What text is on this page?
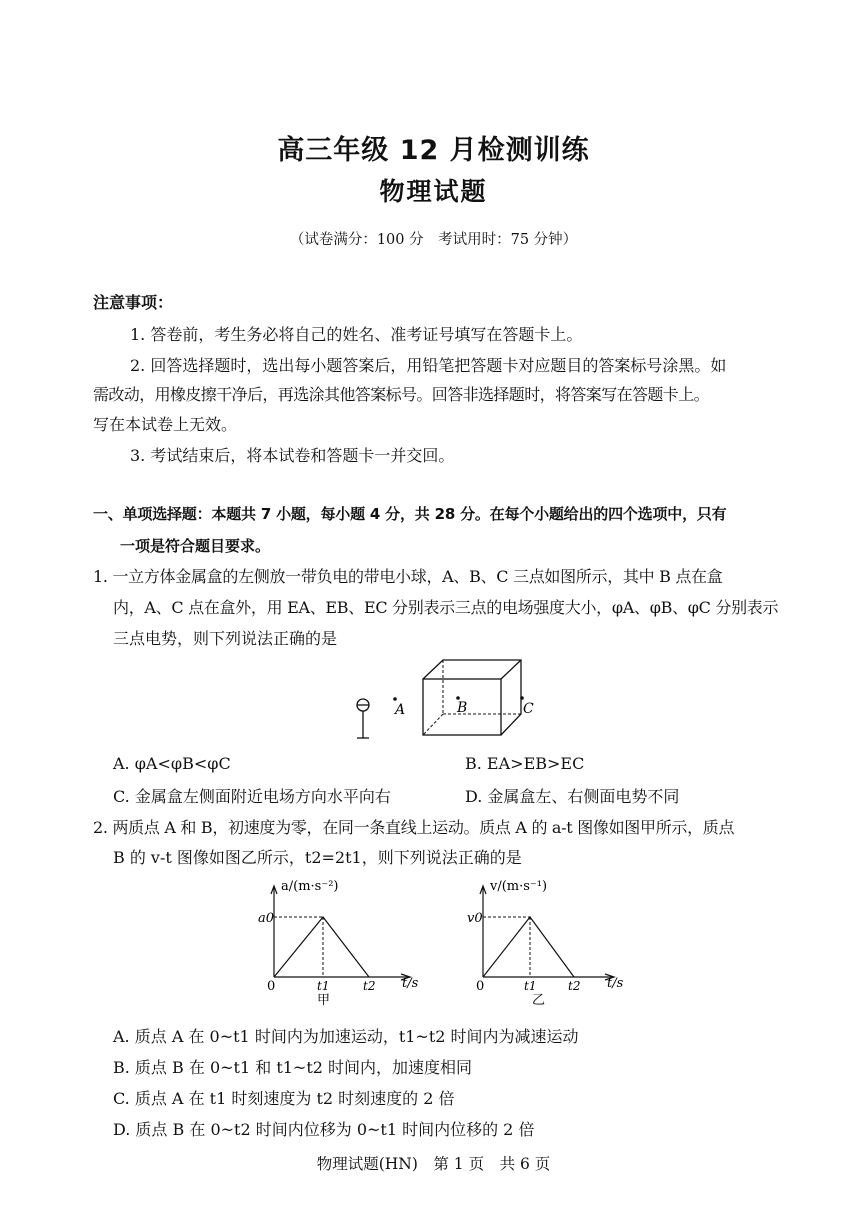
高三年级 12 月检测训练
物理试题
（试卷满分：100 分　考试用时：75 分钟）
注意事项：
1. 答卷前，考生务必将自己的姓名、准考证号填写在答题卡上。
2. 回答选择题时，选出每小题答案后，用铅笔把答题卡对应题目的答案标号涂黑。如
需改动，用橡皮擦干净后，再选涂其他答案标号。回答非选择题时，将答案写在答题卡上。
写在本试卷上无效。
3. 考试结束后，将本试卷和答题卡一并交回。
一、单项选择题：本题共 7 小题，每小题 4 分，共 28 分。在每个小题给出的四个选项中，只有
一项是符合题目要求。
1. 一立方体金属盒的左侧放一带负电的带电小球，A、B、C 三点如图所示，其中 B 点在盒
内，A、C 点在盒外，用 EA、EB、EC 分别表示三点的电场强度大小，φA、φB、φC 分别表示
三点电势，则下列说法正确的是
A	B	C
A. φA<φB<φC	B. EA>EB>EC
C. 金属盒左侧面附近电场方向水平向右	D. 金属盒左、右侧面电势不同
2. 两质点 A 和 B，初速度为零，在同一条直线上运动。质点 A 的 a-t 图像如图甲所示，质点
B 的 v-t 图像如图乙所示，t2=2t1，则下列说法正确的是
a/(m·s⁻²)
a0
0	t1	t2 t/s
甲
v/(m·s⁻¹)
v0
0	t1	t2 t/s
乙
A. 质点 A 在 0~t1 时间内为加速运动，t1~t2 时间内为减速运动
B. 质点 B 在 0~t1 和 t1~t2 时间内，加速度相同
C. 质点 A 在 t1 时刻速度为 t2 时刻速度的 2 倍
D. 质点 B 在 0~t2 时间内位移为 0~t1 时间内位移的 2 倍
物理试题(HN)　第 1 页　共 6 页
